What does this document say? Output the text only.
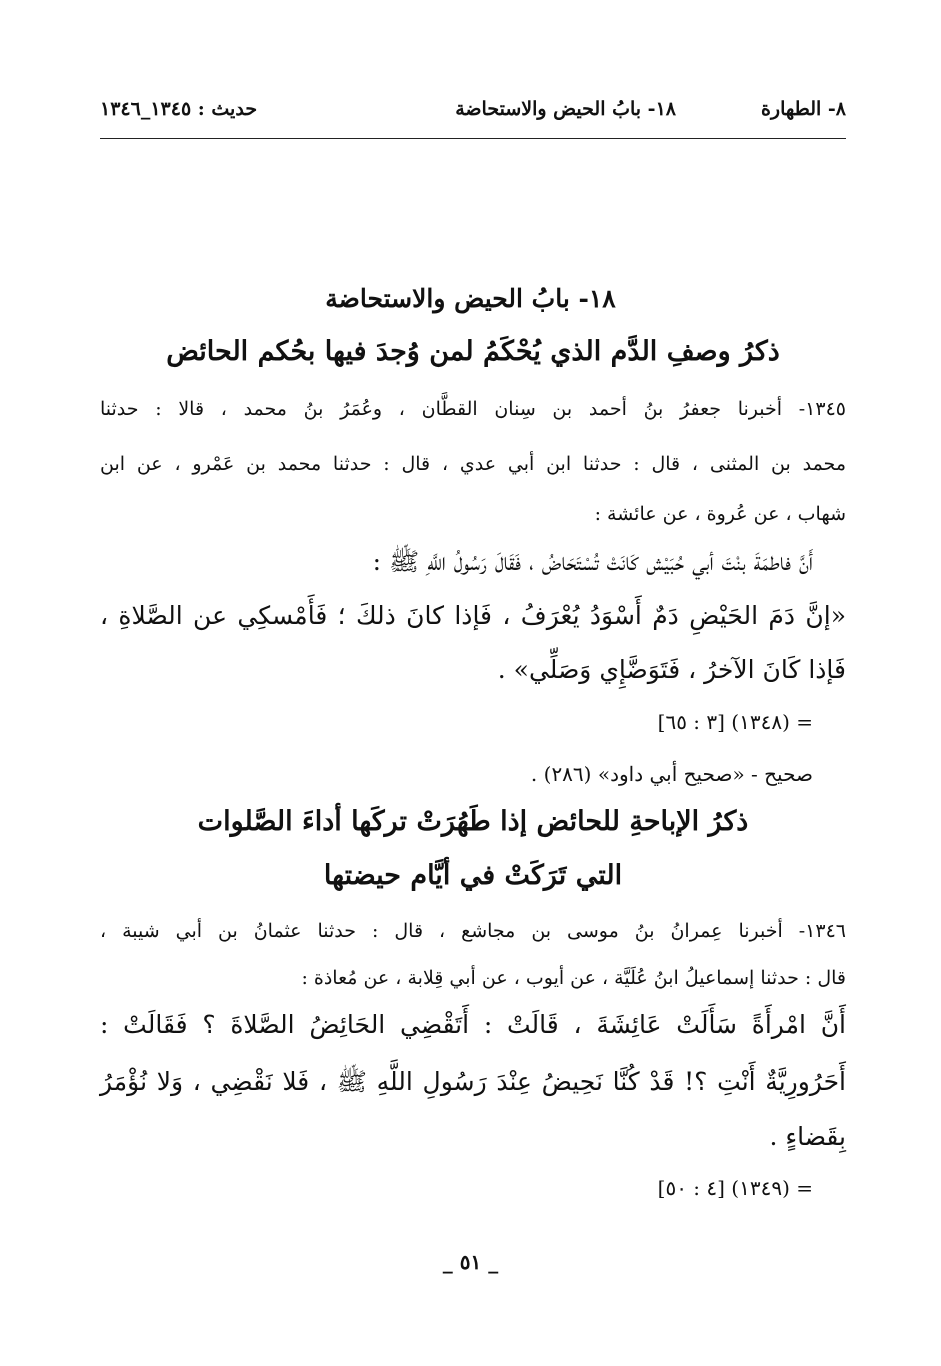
٨- الطهارة
١٨- بابُ الحيض والاستحاضة
حديث : ١٣٤٥_١٣٤٦
١٨- بابُ الحيض والاستحاضة
ذكرُ وصفِ الدَّم الذي يُحْكَمُ لمن وُجدَ فيها بحُكم الحائض
١٣٤٥- أخبرنا جعفرُ بنُ أحمد بن سِنان القطَّان ، وعُمَرُ بنُ محمد ، قالا : حدثنا
محمد بن المثنى ، قال : حدثنا ابن أبي عدي ، قال : حدثنا محمد بن عَمْرو ، عن ابن
شهاب ، عن عُروة ، عن عائشة :
أَنَّ فاطمَةَ بنْتَ أبي حُبَيْش كَانَتْ تُسْتَحَاضُ ، فَقَالَ رَسُولُ اللَّهِ ﷺ :
«إنَّ دَمَ الحَيْضِ دَمٌ أَسْوَدُ يُعْرَفُ ، فَإذا كانَ ذلكَ ؛ فَأَمْسكِي عن الصَّلاةِ ،
فَإذا كَانَ الآخرُ ، فَتَوَضَّإِي وَصَلِّي» .
= (١٣٤٨) [٣ : ٦٥]
صحيح - «صحيح أبي داود» (٢٨٦) .
ذكرُ الإباحةِ للحائض إذا طَهُرَتْ تركَها أداءَ الصَّلوات
التي تَرَكَتْ في أيَّام حيضتها
١٣٤٦- أخبرنا عِمرانُ بنُ موسى بن مجاشع ، قال : حدثنا عثمانُ بن أبي شيبة ،
قال : حدثنا إسماعيلُ ابنُ عُلَيَّة ، عن أيوب ، عن أبي قِلابة ، عن مُعاذة :
أَنَّ امْرأَةً سَأَلَتْ عَائِشَةَ ، قَالَتْ : أَتَقْضِي الحَائِضُ الصَّلاةَ ؟ فَقَالَتْ :
أَحَرُورِيَّةٌ أَنْتِ ؟! قَدْ كُنَّا نَحِيضُ عِنْدَ رَسُولِ اللَّهِ ﷺ ، فَلا نَقْضِي ، وَلا نُؤْمَرُ
بِقَضاءٍ .
= (١٣٤٩) [٤ : ٥٠]
_ ٥١ _
